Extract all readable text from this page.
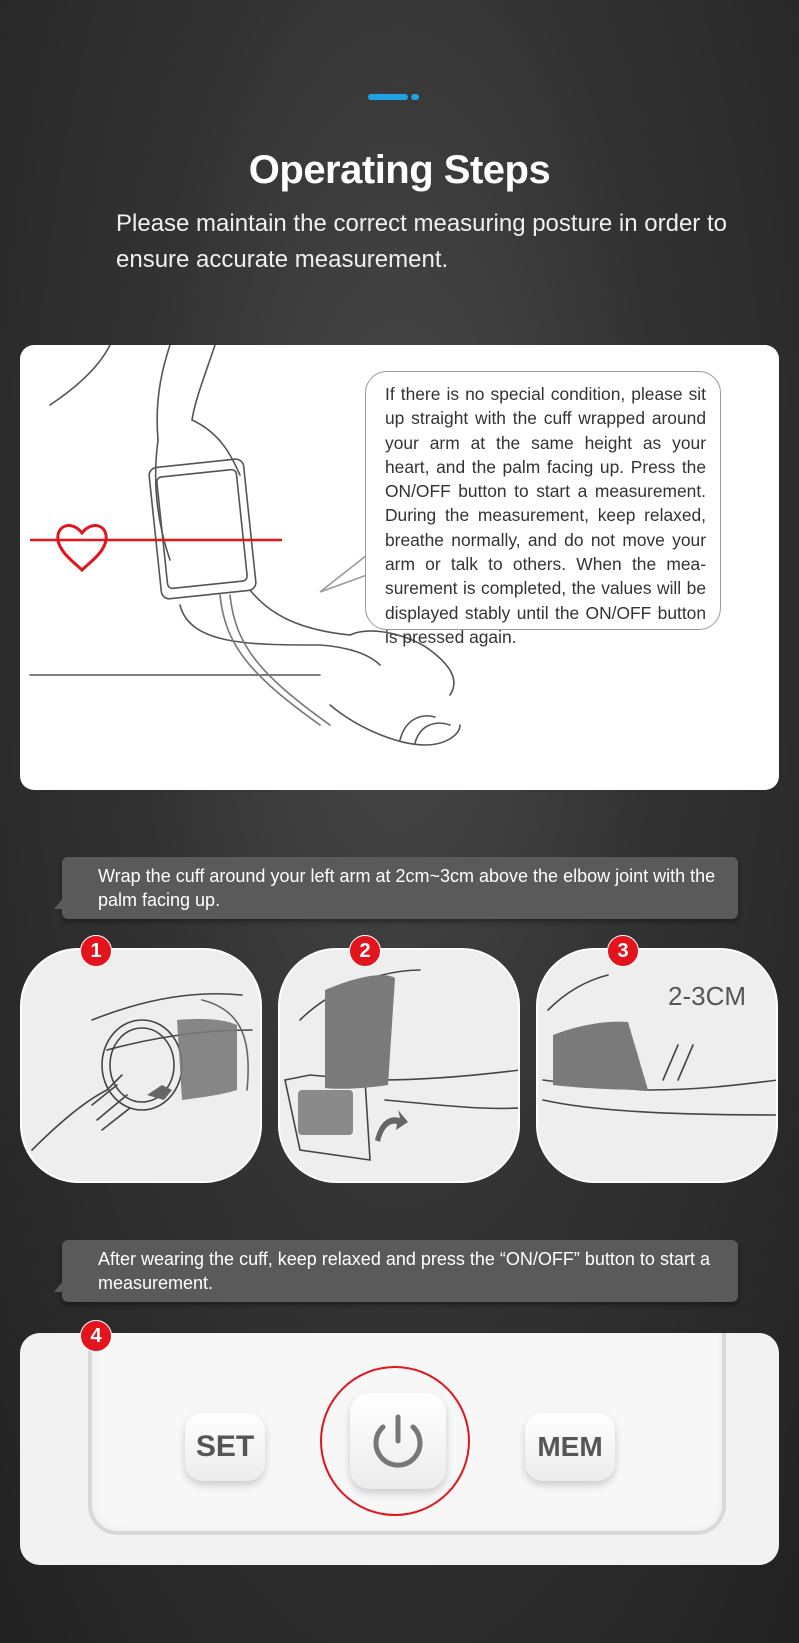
Operating Steps
Please maintain the correct measuring posture in order to ensure accurate measurement.
If there is no special condition, please sit up straight with the cuff wrapped around your arm at the same height as your heart, and the palm facing up. Press the ON/OFF button to start a measurement. During the measurement, keep relaxed, breathe normally, and do not move your arm or talk to others. When the mea-surement is completed, the values will be displayed stably until the ON/OFF button is pressed again.
Wrap the cuff around your left arm at 2cm~3cm above the elbow joint with the palm facing up.
1	2
2-3CM
3
After wearing the cuff, keep relaxed and press the “ON/OFF” button to start a measurement.
SET	MEM
4
